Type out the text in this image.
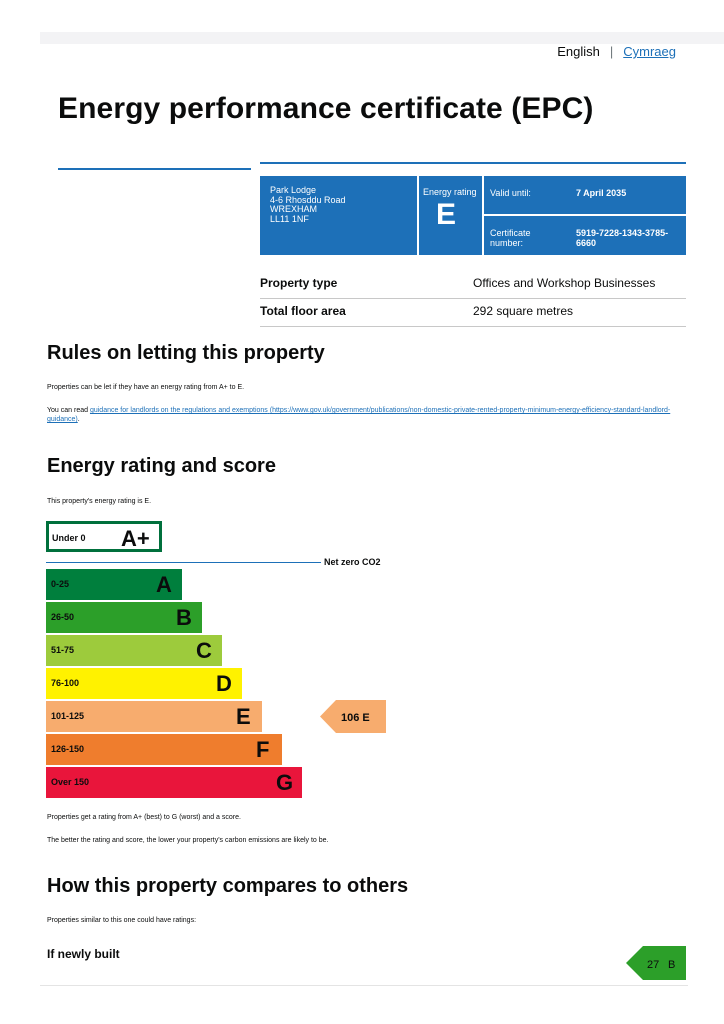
English | Cymraeg
Energy performance certificate (EPC)
Park Lodge
4-6 Rhosddu Road
WREXHAM
LL11 1NF
Energy rating
E
Valid until:	7 April 2035
Certificate
number:
5919-7228-1343-3785-
6660
Property type	Offices and Workshop Businesses
Total floor area	292 square metres
Rules on letting this property
Properties can be let if they have an energy rating from A+ to E.
You can read guidance for landlords on the regulations and exemptions (https://www.gov.uk/government/publications/non-domestic-private-rented-property-minimum-energy-efficiency-standard-landlord-guidance).
Energy rating and score
This property's energy rating is E.
Net zero CO2
Under 0 A+
0-25	A
26-50	B
51-75	C
76-100	D
101-125	E
126-150	F
Over 150	G
106 E
Properties get a rating from A+ (best) to G (worst) and a score.
The better the rating and score, the lower your property's carbon emissions are likely to be.
How this property compares to others
Properties similar to this one could have ratings:
If newly built
27 B
